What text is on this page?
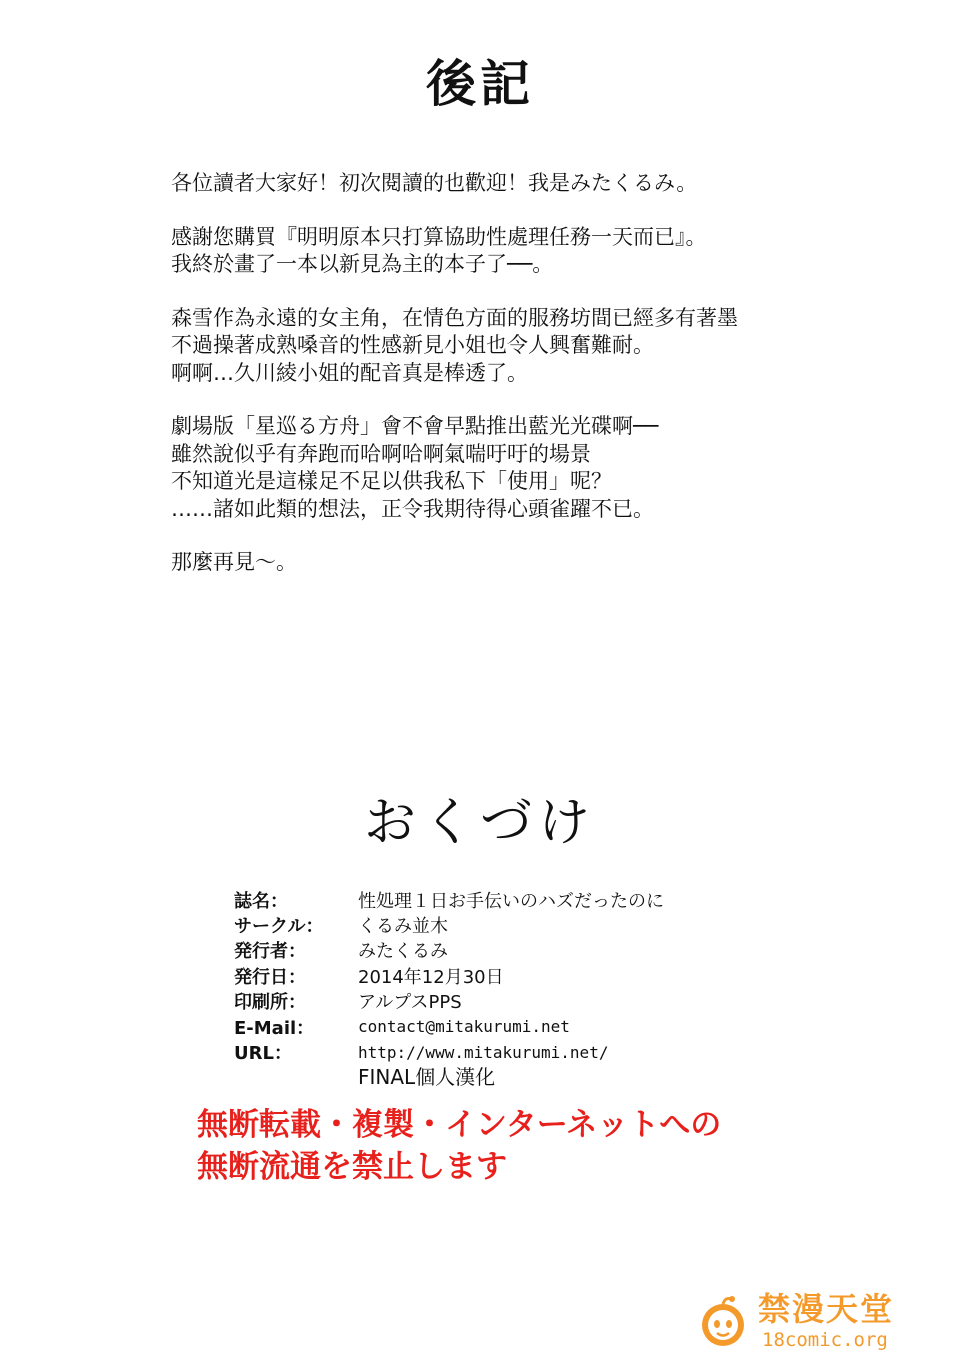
後記
各位讀者大家好！初次閱讀的也歡迎！我是みたくるみ。
感謝您購買『明明原本只打算協助性處理任務一天而已』。
我終於畫了一本以新見為主的本子了──。
森雪作為永遠的女主角，在情色方面的服務坊間已經多有著墨
不過操著成熟嗓音的性感新見小姐也令人興奮難耐。
啊啊…久川綾小姐的配音真是棒透了。
劇場版「星巡る方舟」會不會早點推出藍光光碟啊──
雖然說似乎有奔跑而哈啊哈啊氣喘吁吁的場景
不知道光是這樣足不足以供我私下「使用」呢？
……諸如此類的想法，正令我期待得心頭雀躍不已。
那麼再見～。
おくづけ
誌名：	性処理１日お手伝いのハズだったのに
サークル：	くるみ並木
発行者：	みたくるみ
発行日：	2014年12月30日
印刷所：	アルプスPPS
E-Mail：	contact@mitakurumi.net
URL：	http://www.mitakurumi.net/
FINAL個人漢化
無断転載・複製・インターネットへの
無断流通を禁止します
禁漫天堂
18comic.org
